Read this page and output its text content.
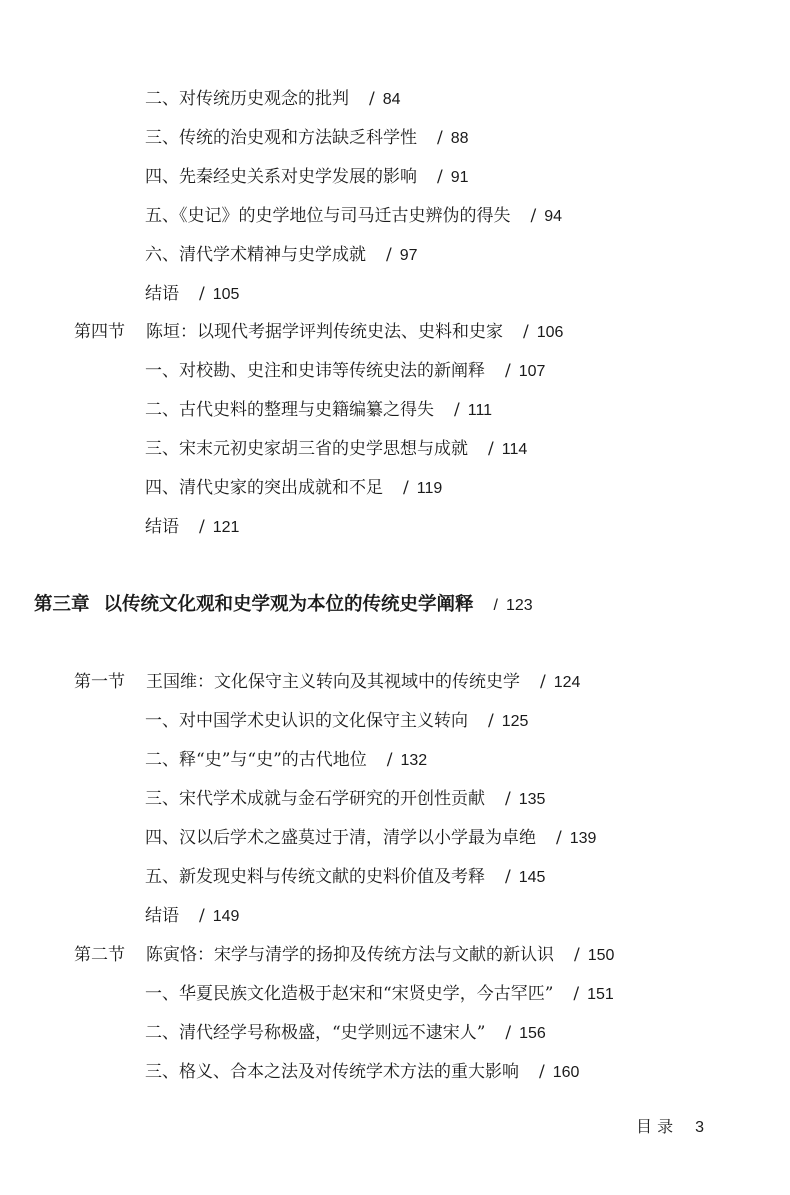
二、对传统历史观念的批判 / 84
三、传统的治史观和方法缺乏科学性 / 88
四、先秦经史关系对史学发展的影响 / 91
五、《史记》的史学地位与司马迁古史辨伪的得失 / 94
六、清代学术精神与史学成就 / 97
结语 / 105
第四节 陈垣：以现代考据学评判传统史法、史料和史家 / 106
一、对校勘、史注和史讳等传统史法的新阐释 / 107
二、古代史料的整理与史籍编纂之得失 / 111
三、宋末元初史家胡三省的史学思想与成就 / 114
四、清代史家的突出成就和不足 / 119
结语 / 121
第三章 以传统文化观和史学观为本位的传统史学阐释 / 123
第一节 王国维：文化保守主义转向及其视域中的传统史学 / 124
一、对中国学术史认识的文化保守主义转向 / 125
二、释“史”与“史”的古代地位 / 132
三、宋代学术成就与金石学研究的开创性贡献 / 135
四、汉以后学术之盛莫过于清，清学以小学最为卓绝 / 139
五、新发现史料与传统文献的史料价值及考释 / 145
结语 / 149
第二节 陈寅恪：宋学与清学的扬抑及传统方法与文献的新认识 / 150
一、华夏民族文化造极于赵宋和“宋贤史学，今古罕匹” / 151
二、清代经学号称极盛，“史学则远不逮宋人” / 156
三、格义、合本之法及对传统学术方法的重大影响 / 160
目 录 3
